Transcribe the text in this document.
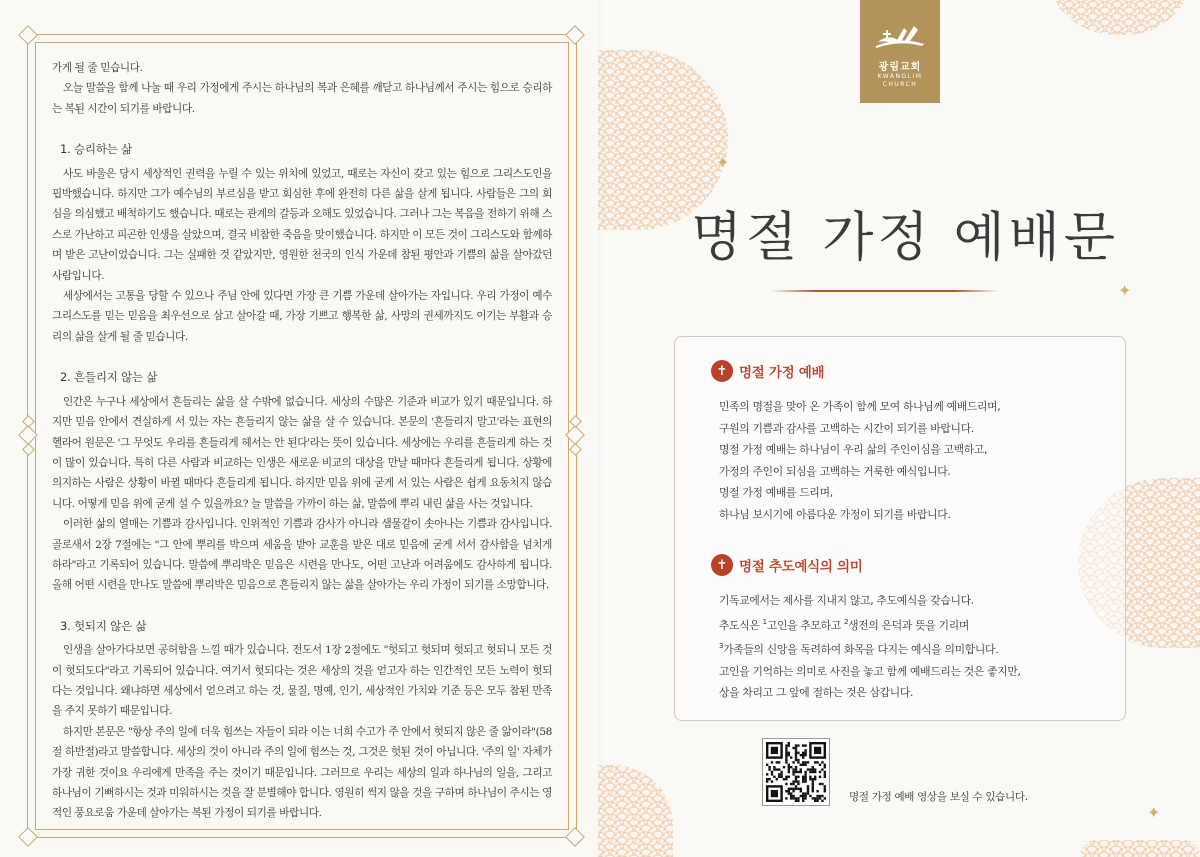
가게 될 줄 믿습니다.

오늘 말씀을 함께 나눌 때 우리 가정에게 주시는 하나님의 복과 은혜를 깨닫고 하나님께서 주시는 힘으로 승리하는 복된 시간이 되기를 바랍니다.

1. 승리하는 삶

사도 바울은 당시 세상적인 권력을 누릴 수 있는 위치에 있었고, 때로는 자신이 갖고 있는 힘으로 그리스도인을 핍박했습니다. 하지만 그가 예수님의 부르심을 받고 회심한 후에 완전히 다른 삶을 살게 됩니다. 사람들은 그의 회심을 의심했고 배척하기도 했습니다. 때로는 관계의 갈등과 오해도 있었습니다. 그러나 그는 복음을 전하기 위해 스스로 가난하고 피곤한 인생을 살았으며, 결국 비참한 죽음을 맞이했습니다. 하지만 이 모든 것이 그리스도와 함께하며 받은 고난이었습니다. 그는 실패한 것 같았지만, 영원한 천국의 인식 가운데 참된 평안과 기쁨의 삶을 살아갔던 사람입니다.

세상에서는 고통을 당할 수 있으나 주님 안에 있다면 가장 큰 기쁨 가운데 살아가는 자입니다. 우리 가정이 예수 그리스도를 믿는 믿음을 최우선으로 삼고 살아갈 때, 가장 기쁘고 행복한 삶, 사망의 권세까지도 이기는 부활과 승리의 삶을 살게 될 줄 믿습니다.

2. 흔들리지 않는 삶

인간은 누구나 세상에서 흔들리는 삶을 살 수밖에 없습니다. 세상의 수많은 기준과 비교가 있기 때문입니다. 하지만 믿음 안에서 견실하게 서 있는 자는 흔들리지 않는 삶을 살 수 있습니다. 본문의 '흔들리지 말고'라는 표현의 헬라어 원문은 '그 무엇도 우리를 흔들리게 헤서는 안 된다'라는 뜻이 있습니다. 세상에는 우리를 흔들리게 하는 것이 많이 있습니다. 특히 다른 사람과 비교하는 인생은 새로운 비교의 대상을 만날 때마다 흔들리게 됩니다. 상황에 의지하는 사람은 상황이 바뀔 때마다 흔들리게 됩니다. 하지만 믿음 위에 굳게 서 있는 사람은 쉽게 요동치지 않습니다. 어떻게 믿음 위에 굳게 설 수 있을까요? 늘 말씀을 가까이 하는 삶, 말씀에 뿌리 내린 삶을 사는 것입니다.

이러한 삶의 열매는 기쁨과 감사입니다. 인위적인 기쁨과 감사가 아니라 샘물같이 솟아나는 기쁨과 감사입니다. 골로새서 2장 7절에는 "그 안에 뿌리를 박으며 세움을 받아 교훈을 받은 대로 믿음에 굳게 서서 감사함을 넘치게 하라"라고 기록되어 있습니다. 말씀에 뿌리박은 믿음은 시련을 만나도, 어떤 고난과 어려움에도 감사하게 됩니다. 올해 어떤 시련을 만나도 말씀에 뿌리박은 믿음으로 흔들리지 않는 삶을 살아가는 우리 가정이 되기를 소망합니다.

3. 헛되지 않은 삶

인생을 살아가다보면 공허함을 느낄 때가 있습니다. 전도서 1장 2절에도 "헛되고 헛되며 헛되고 헛되니 모든 것이 헛되도다"라고 기록되어 있습니다. 여기서 헛되다는 것은 세상의 것을 얻고자 하는 인간적인 모든 노력이 헛되다는 것입니다. 왜냐하면 세상에서 얻으려고 하는 것, 물질, 명예, 인기, 세상적인 가치와 기준 등은 모두 참된 만족을 주지 못하기 때문입니다.

하지만 본문은 "항상 주의 일에 더욱 힘쓰는 자들이 되라 이는 너희 수고가 주 안에서 헛되지 않은 줄 앎이라"(58절 하반절)라고 말씀합니다. 세상의 것이 아니라 주의 일에 힘쓰는 것, 그것은 헛된 것이 아닙니다. '주의 일' 자체가 가장 귀한 것이요 우리에게 만족을 주는 것이기 때문입니다. 그러므로 우리는 세상의 일과 하나님의 일을, 그리고 하나님이 기뻐하시는 것과 미워하시는 것을 잘 분별해야 합니다. 영원히 썩지 않을 것을 구하며 하나님이 주시는 영적인 풍요로움 가운데 살아가는 복된 가정이 되기를 바랍니다.

✦
✦
✦
광림교회
KWANGLIM
CHURCH
명절 가정 예배문
✝ 명절 가정 예배

민족의 명절을 맞아 온 가족이 함께 모여 하나님께 예배드리며,

구원의 기쁨과 감사를 고백하는 시간이 되기를 바랍니다.

명절 가정 예배는 하나님이 우리 삶의 주인이심을 고백하고,

가정의 주인이 되심을 고백하는 거룩한 예식입니다.

명절 가정 예배를 드리며,

하나님 보시기에 아름다운 가정이 되기를 바랍니다.

✝ 명절 추도예식의 의미

기독교에서는 제사를 지내지 않고, 추도예식을 갖습니다.

추도식은 $^1$고인을 추모하고 $^2$생전의 은덕과 뜻을 기리며

$^3$가족들의 신앙을 독려하여 화목을 다지는 예식을 의미합니다.

고인을 기억하는 의미로 사진을 놓고 함께 예배드리는 것은 좋지만,

상을 차리고 그 앞에 절하는 것은 삼갑니다.

명절 가정 예배 영상을 보실 수 있습니다.
